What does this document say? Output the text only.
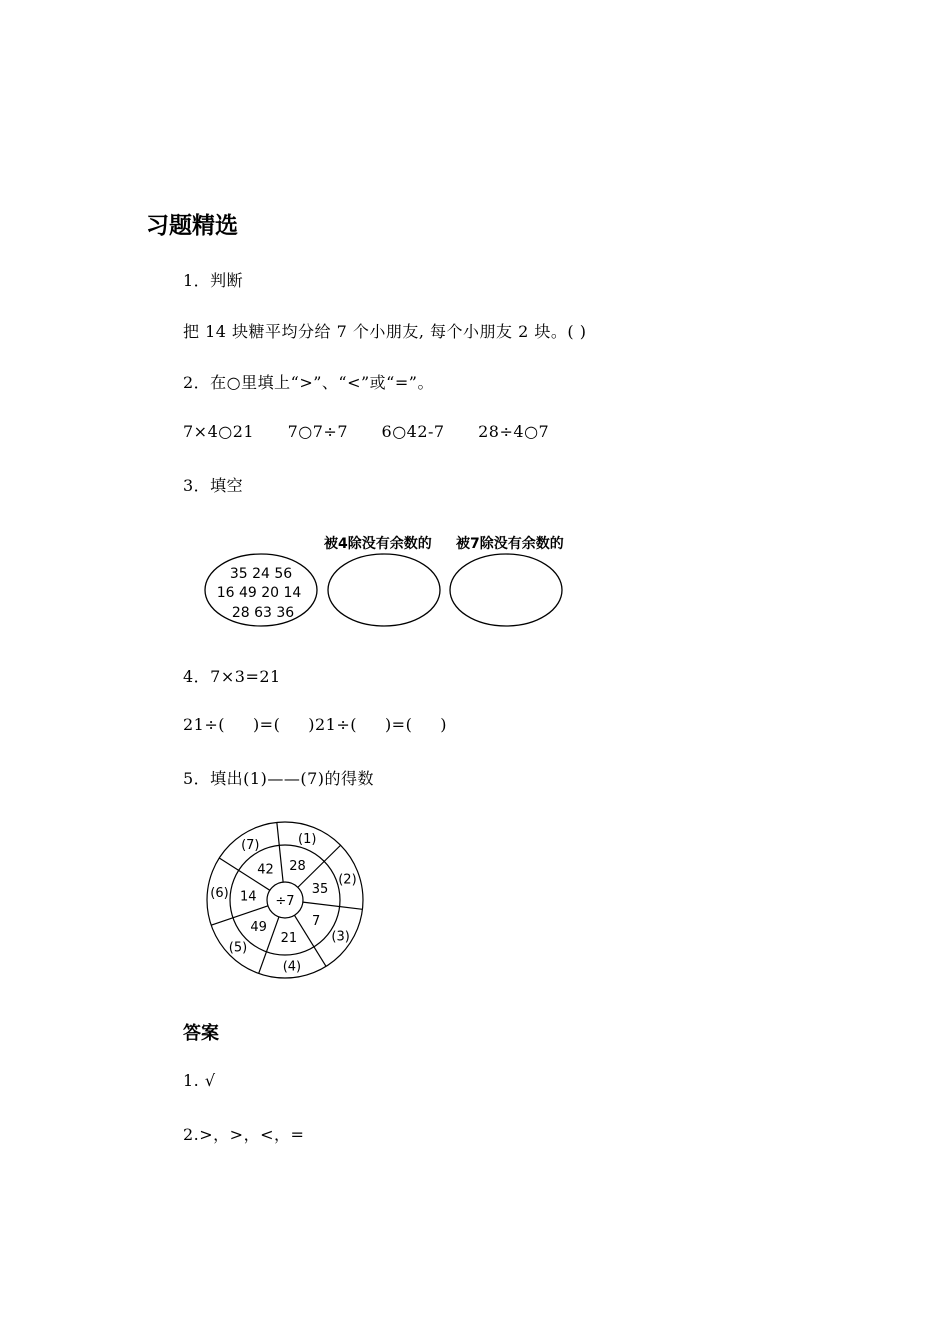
习题精选
1．判断
把 14 块糖平均分给 7 个小朋友, 每个小朋友 2 块。( )
2．在○里填上“>”、“<”或“=”。
7×4○21      7○7÷7      6○42-7      28÷4○7
3．填空
被4除没有余数的 被7除没有余数的
35 24 56
16 49 20 14
28 63 36
4．7×3=21
21÷(     )=(     )21÷(     )=(     )
5．填出(1)——(7)的得数
÷7
28
(1)
35
(2)
7
(3)
21
(4)
49
(5)
14
(6)
42
(7)
答案
1. √
2.>，>，<，=
